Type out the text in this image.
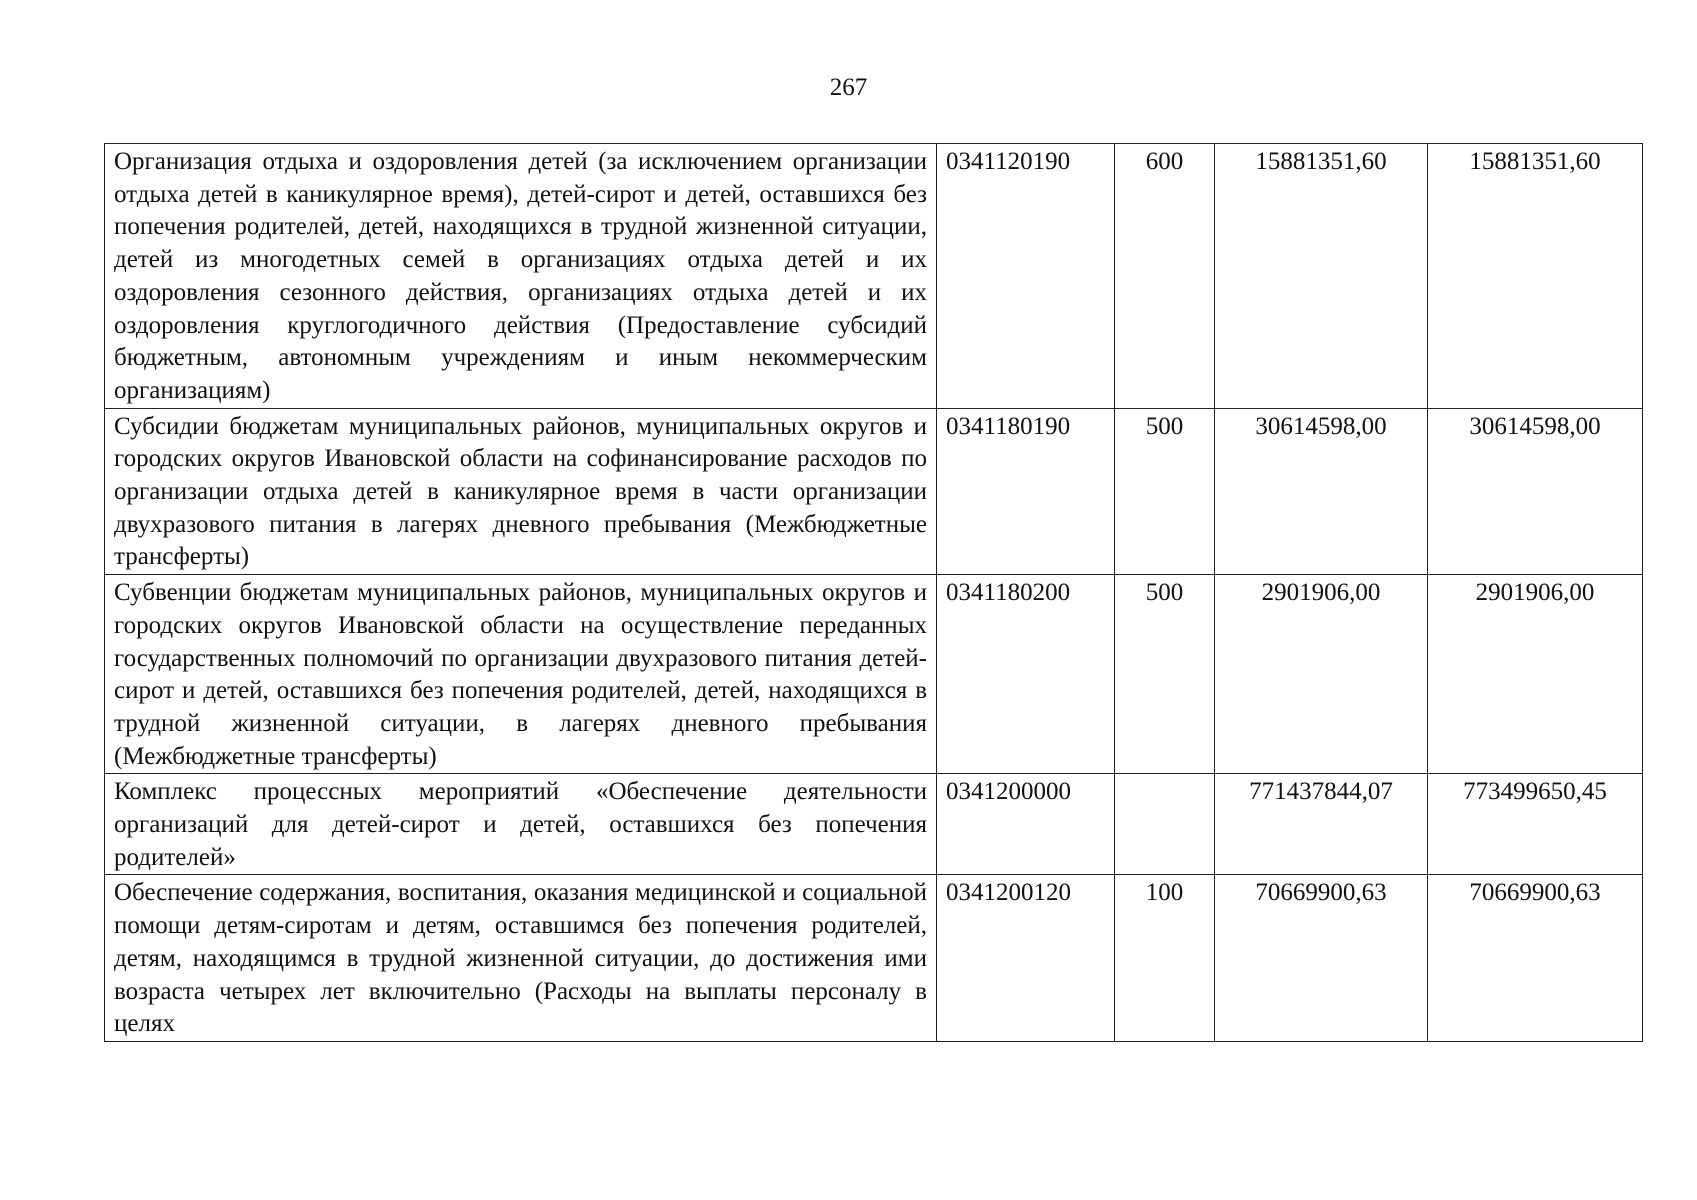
267
Организация отдыха и оздоровления детей (за исключением организации отдыха детей в каникулярное время), детей-сирот и детей, оставшихся без попечения родителей, детей, находящихся в трудной жизненной ситуации, детей из многодетных семей в организациях отдыха детей и их оздоровления сезонного действия, организациях отдыха детей и их оздоровления круглогодичного действия (Предоставление субсидий бюджетным, автономным учреждениям и иным некоммерческим организациям)	0341120190	600	15881351,60	15881351,60
Субсидии бюджетам муниципальных районов, муниципальных округов и городских округов Ивановской области на софинансирование расходов по организации отдыха детей в каникулярное время в части организации двухразового питания в лагерях дневного пребывания (Межбюджетные трансферты)	0341180190	500	30614598,00	30614598,00
Субвенции бюджетам муниципальных районов, муниципальных округов и городских округов Ивановской области на осуществление переданных государственных полномочий по организации двухразового питания детей-сирот и детей, оставшихся без попечения родителей, детей, находящихся в трудной жизненной ситуации, в лагерях дневного пребывания (Межбюджетные трансферты)	0341180200	500	2901906,00	2901906,00
Комплекс процессных мероприятий «Обеспечение деятельности организаций для детей-сирот и детей, оставшихся без попечения родителей»	0341200000		771437844,07	773499650,45
Обеспечение содержания, воспитания, оказания медицинской и социальной помощи детям-сиротам и детям, оставшимся без попечения родителей, детям, находящимся в трудной жизненной ситуации, до достижения ими возраста четырех лет включительно (Расходы на выплаты персоналу в целях	0341200120	100	70669900,63	70669900,63
